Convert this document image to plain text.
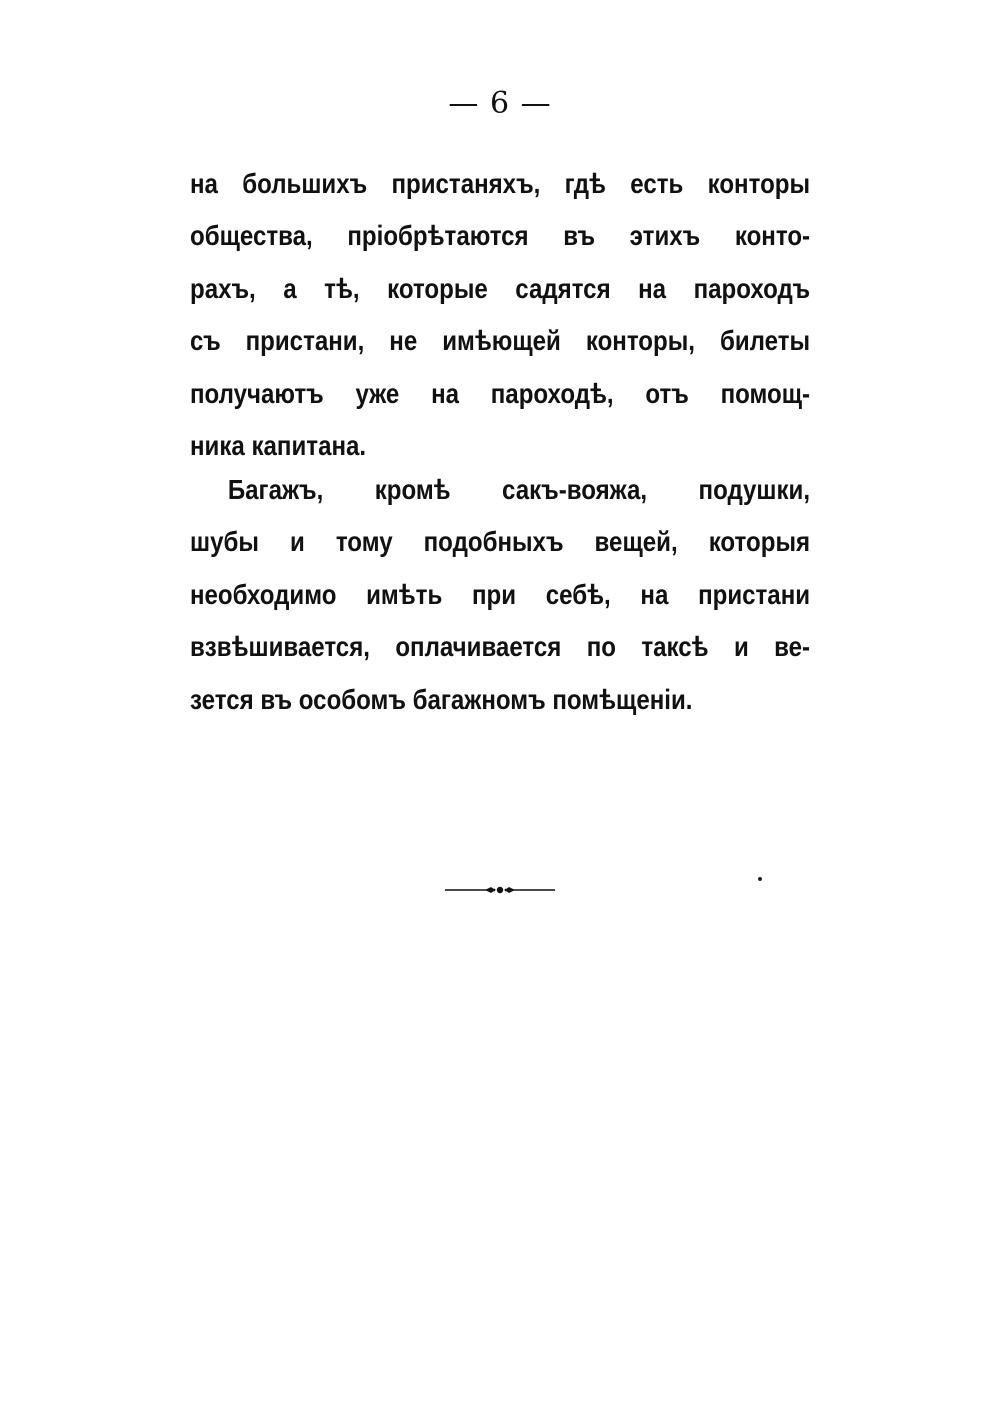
— 6 —
на большихъ пристаняхъ, гдѣ есть конторы
общества, пріобрѣтаются въ этихъ конто-
рахъ, а тѣ, которые садятся на пароходъ
съ пристани, не имѣющей конторы, билеты
получаютъ уже на пароходѣ, отъ помощ-
ника капитана.
Багажъ, кромѣ сакъ-вояжа, подушки,
шубы и тому подобныхъ вещей, которыя
необходимо имѣть при себѣ, на пристани
взвѣшивается, оплачивается по таксѣ и ве-
зется въ особомъ багажномъ помѣщеніи.
